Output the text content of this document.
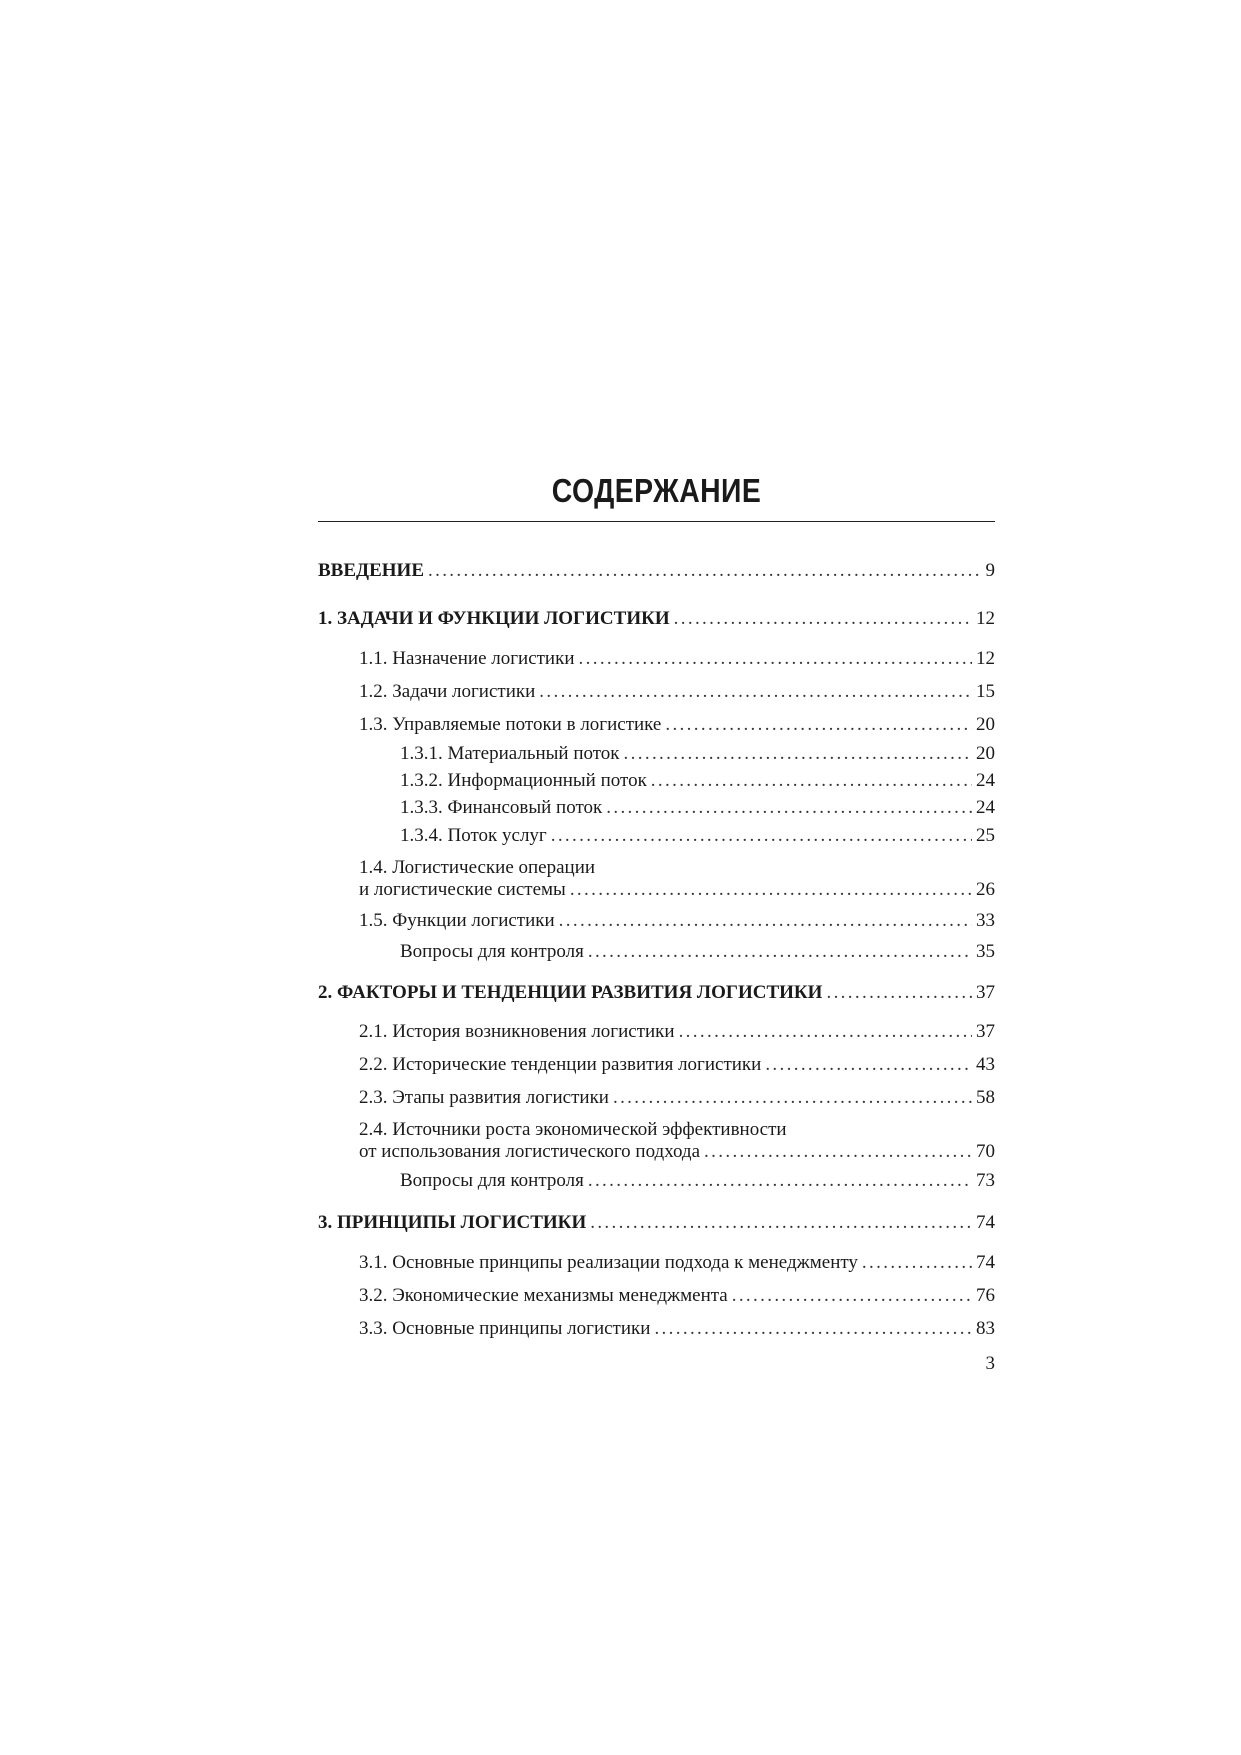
СОДЕРЖАНИЕ
ВВЕДЕНИЕ . . .	9
1. ЗАДАЧИ И ФУНКЦИИ ЛОГИСТИКИ . . .	12
1.1. Назначение логистики . . .	12
1.2. Задачи логистики . . .	15
1.3. Управляемые потоки в логистике . . .	20
1.3.1. Материальный поток . . .	20
1.3.2. Информационный поток . . .	24
1.3.3. Финансовый поток . . .	24
1.3.4. Поток услуг . . .	25
1.4. Логистические операции
и логистические системы . . .	26
1.5. Функции логистики . . .	33
Вопросы для контроля . . .	35
2. ФАКТОРЫ И ТЕНДЕНЦИИ РАЗВИТИЯ ЛОГИСТИКИ . . .	37
2.1. История возникновения логистики . . .	37
2.2. Исторические тенденции развития логистики . . .	43
2.3. Этапы развития логистики . . .	58
2.4. Источники роста экономической эффективности
от использования логистического подхода . . .	70
Вопросы для контроля . . .	73
3. ПРИНЦИПЫ ЛОГИСТИКИ . . .	74
3.1. Основные принципы реализации подхода к менеджменту . . .	74
3.2. Экономические механизмы менеджмента . . .	76
3.3. Основные принципы логистики . . .	83
3
